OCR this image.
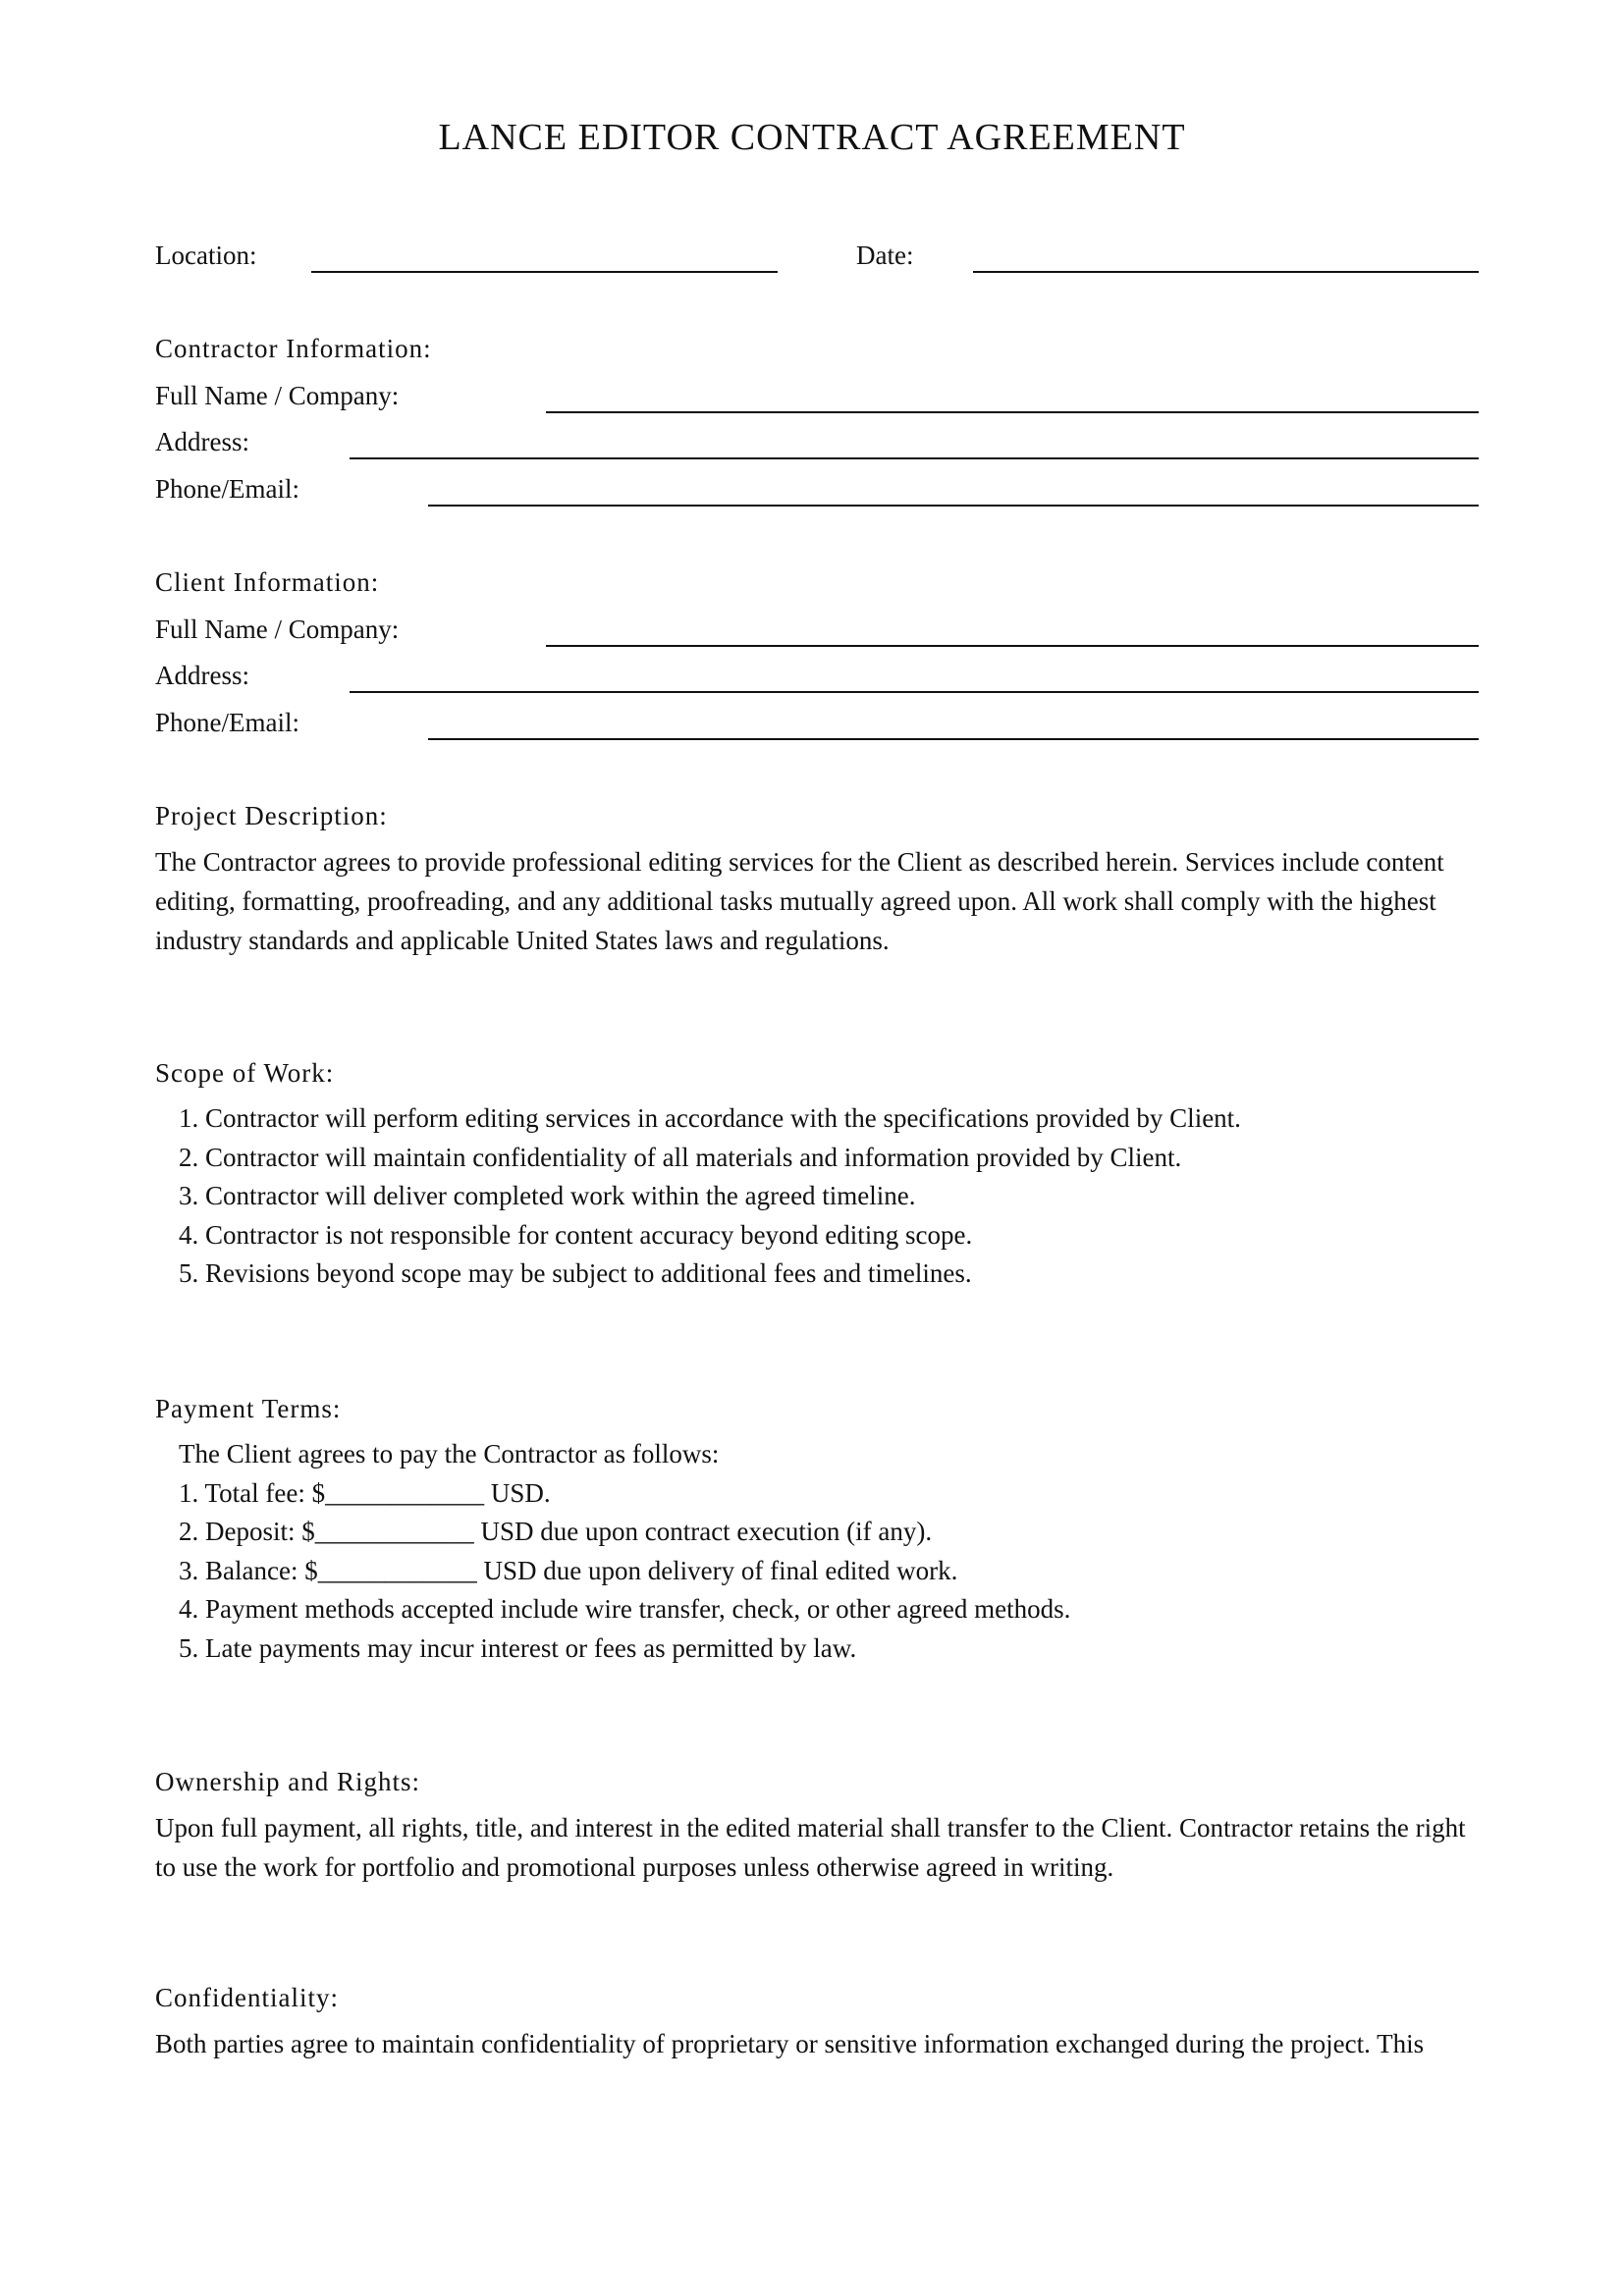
LANCE EDITOR CONTRACT AGREEMENT
Location:	Date:
Contractor Information:
Full Name / Company:
Address:
Phone/Email:
Client Information:
Full Name / Company:
Address:
Phone/Email:
Project Description:
The Contractor agrees to provide professional editing services for the Client as described herein. Services include content editing, formatting, proofreading, and any additional tasks mutually agreed upon. All work shall comply with the highest industry standards and applicable United States laws and regulations.
Scope of Work:
1. Contractor will perform editing services in accordance with the specifications provided by Client.
2. Contractor will maintain confidentiality of all materials and information provided by Client.
3. Contractor will deliver completed work within the agreed timeline.
4. Contractor is not responsible for content accuracy beyond editing scope.
5. Revisions beyond scope may be subject to additional fees and timelines.
Payment Terms:
The Client agrees to pay the Contractor as follows:
1. Total fee: $____________ USD.
2. Deposit: $____________ USD due upon contract execution (if any).
3. Balance: $____________ USD due upon delivery of final edited work.
4. Payment methods accepted include wire transfer, check, or other agreed methods.
5. Late payments may incur interest or fees as permitted by law.
Ownership and Rights:
Upon full payment, all rights, title, and interest in the edited material shall transfer to the Client. Contractor retains the right to use the work for portfolio and promotional purposes unless otherwise agreed in writing.
Confidentiality:
Both parties agree to maintain confidentiality of proprietary or sensitive information exchanged during the project. This
